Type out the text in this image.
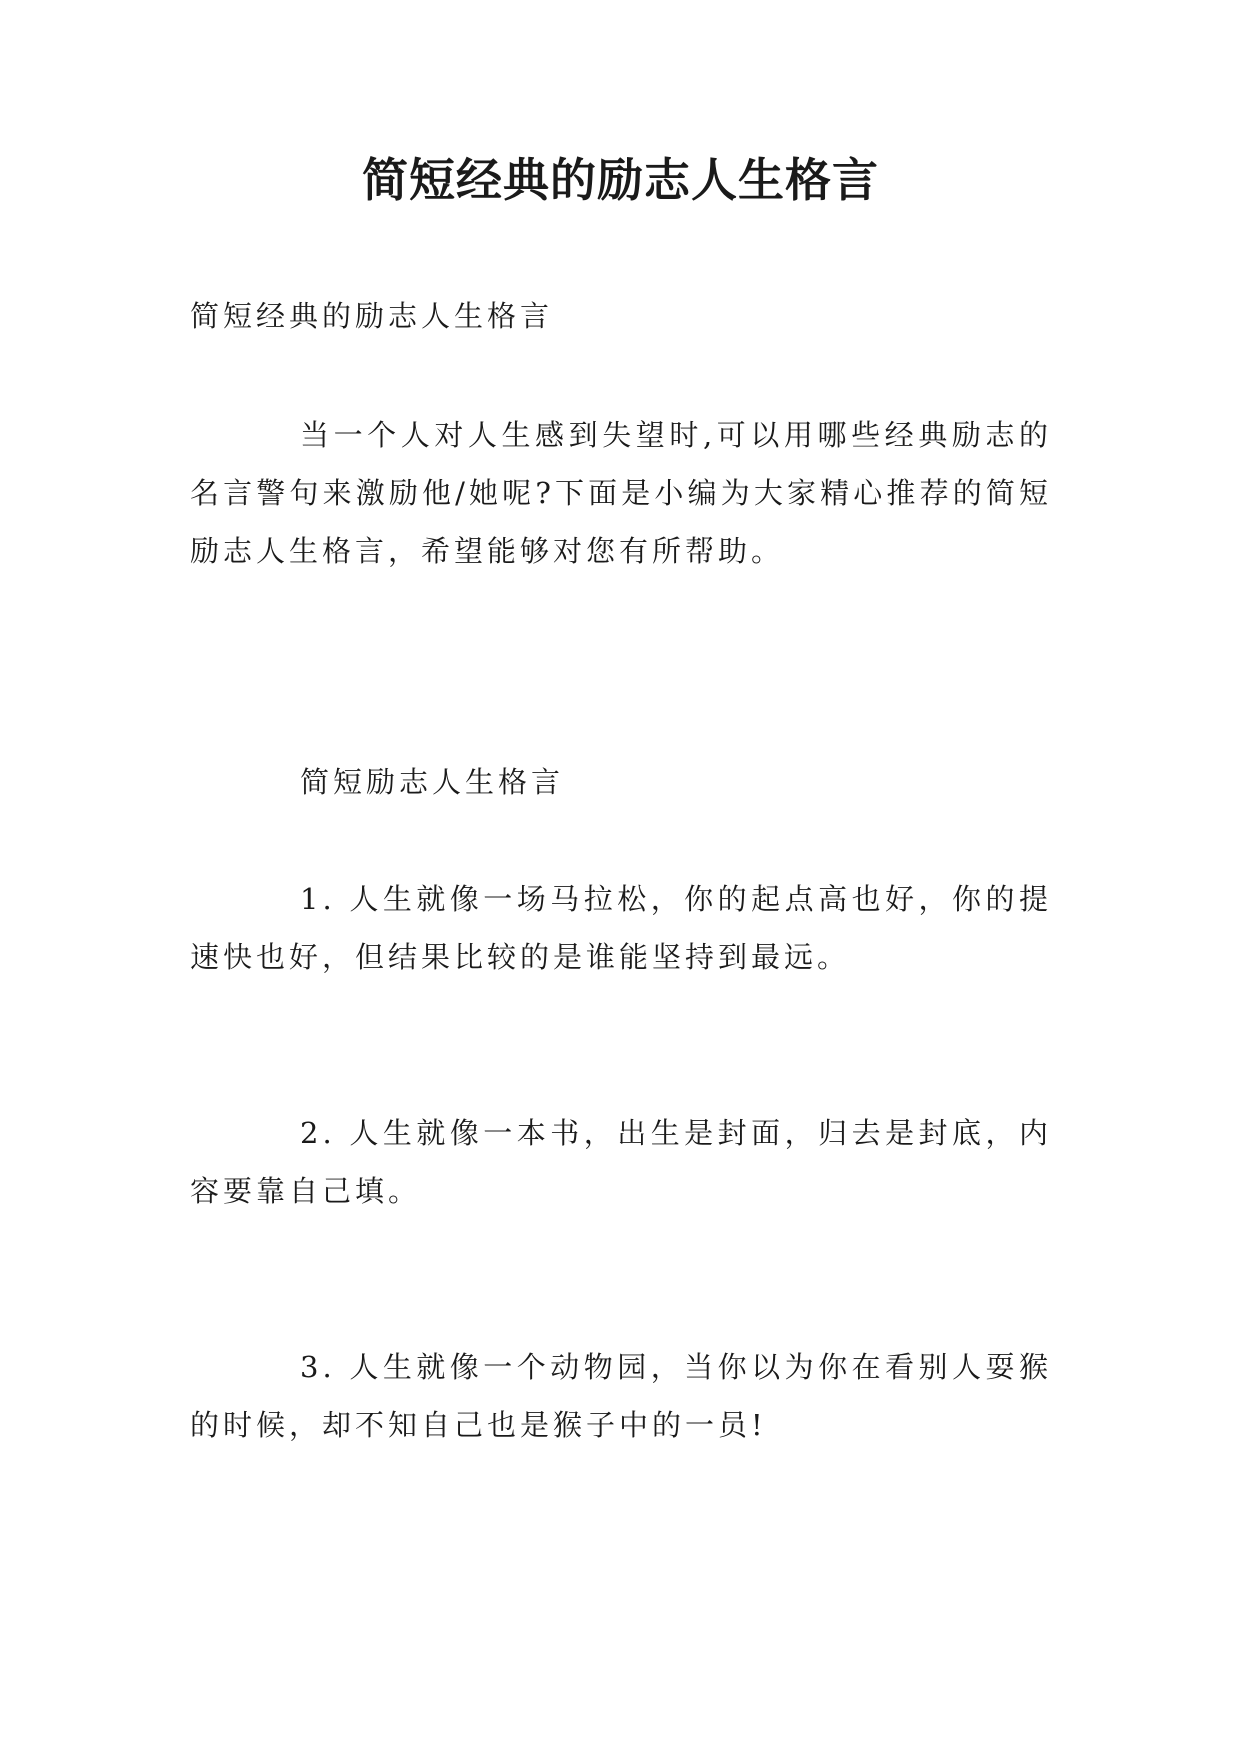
简短经典的励志人生格言
简短经典的励志人生格言

当一个人对人生感到失望时,可以用哪些经典励志的名言警句来激励他/她呢?下面是小编为大家精心推荐的简短励志人生格言，希望能够对您有所帮助。

简短励志人生格言

1. 人生就像一场马拉松，你的起点高也好，你的提速快也好，但结果比较的是谁能坚持到最远。

2. 人生就像一本书，出生是封面，归去是封底，内容要靠自己填。

3. 人生就像一个动物园，当你以为你在看别人耍猴的时候，却不知自己也是猴子中的一员!
